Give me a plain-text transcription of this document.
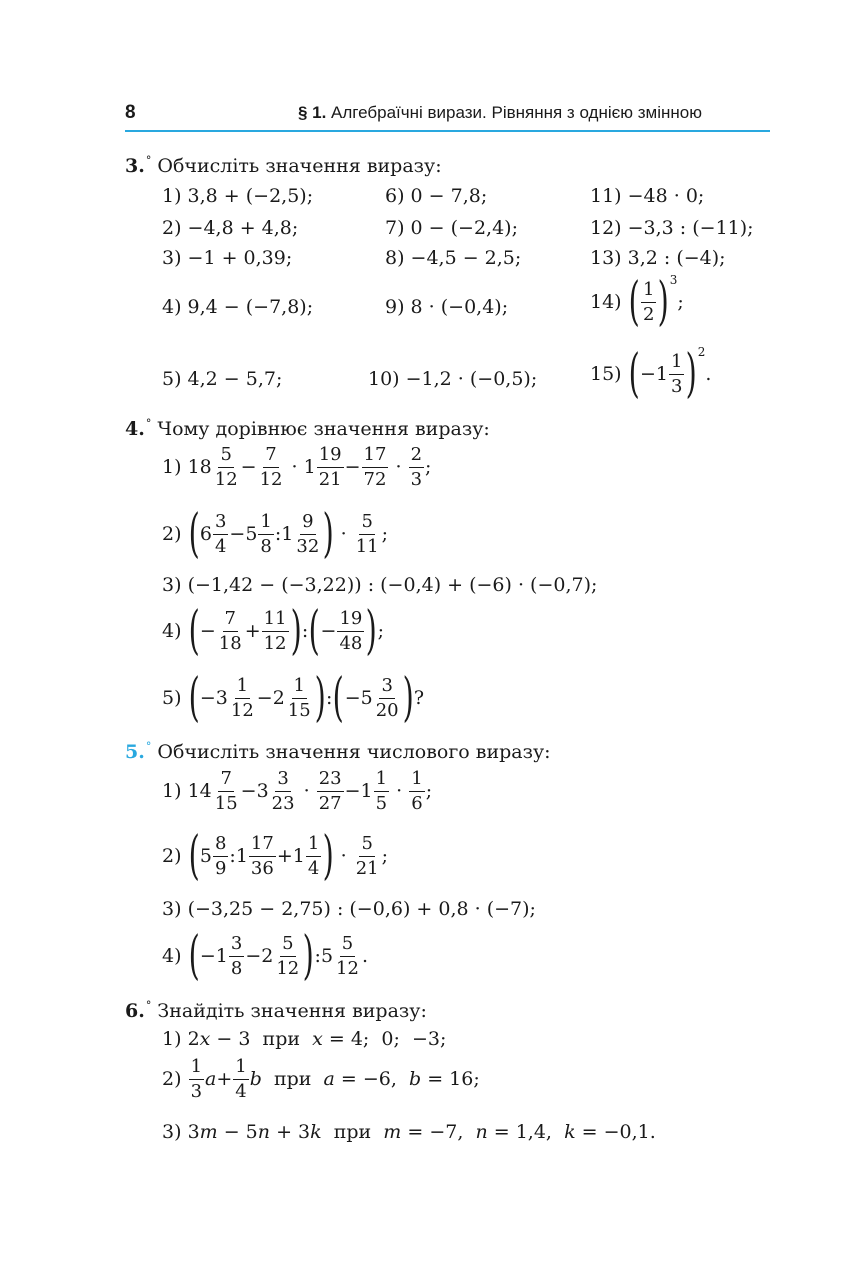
8	§ 1. Алгебраїчні вирази. Рівняння з однією змінною
3.° Обчисліть значення виразу:
1) 3,8 + (−2,5);
2) −4,8 + 4,8;
3) −1 + 0,39;
4) 9,4 − (−7,8);
5) 4,2 − 5,7;
6) 0 − 7,8;
7) 0 − (−2,4);
8) −4,5 − 2,5;
9) 8 · (−0,4);
10) −1,2 · (−0,5);
11) −48 · 0;
12) −3,3 : (−11);
13) 3,2 : (−4);
14)
( 1
2 ) 3
;
15)
( −1
1
3 ) 2
.
4.° Чому дорівнює значення виразу:
1)
18
5
12
− $\frac{7}{12}$
·
1
19
21
− $\frac{17}{72}$
·

2
3
;
2)
( 6
3
4
− 5
1
8
: 1
9
32 )
·

5
11
;
3) (−1,42 − (−3,22)) : (−0,4) + (−6) · (−0,7);
4)
( − $\frac{7}{18} + \frac{11}{12}$ ) : ( − $\frac{19}{48}$ ) ;
5)
( −3
1
12
− 2
1
15 ) : ( −5
3
20 ) ?
5.° Обчисліть значення числового виразу:
1)
14
7
15
− 3
3
23

·

23
27
− 1
1
5

·

1
6
;
2)
( 5
8
9
: 1
17
36
+ 1
1
4 )
·

5
21
;
3) (−3,25 − 2,75) : (−0,6) + 0,8 · (−7);
4)
( −1
3
8
− 2
5
12 ) : 5
5
12
.
6.° Знайдіть значення виразу:
1) 2x − 3  при  x = 4;  0;  −3;
2)

1
3
$a + \frac{1}{4}$ b при a = −6, b = 16;
3) 3m − 5n + 3k  при  m = −7,  n = 1,4,  k = −0,1.
